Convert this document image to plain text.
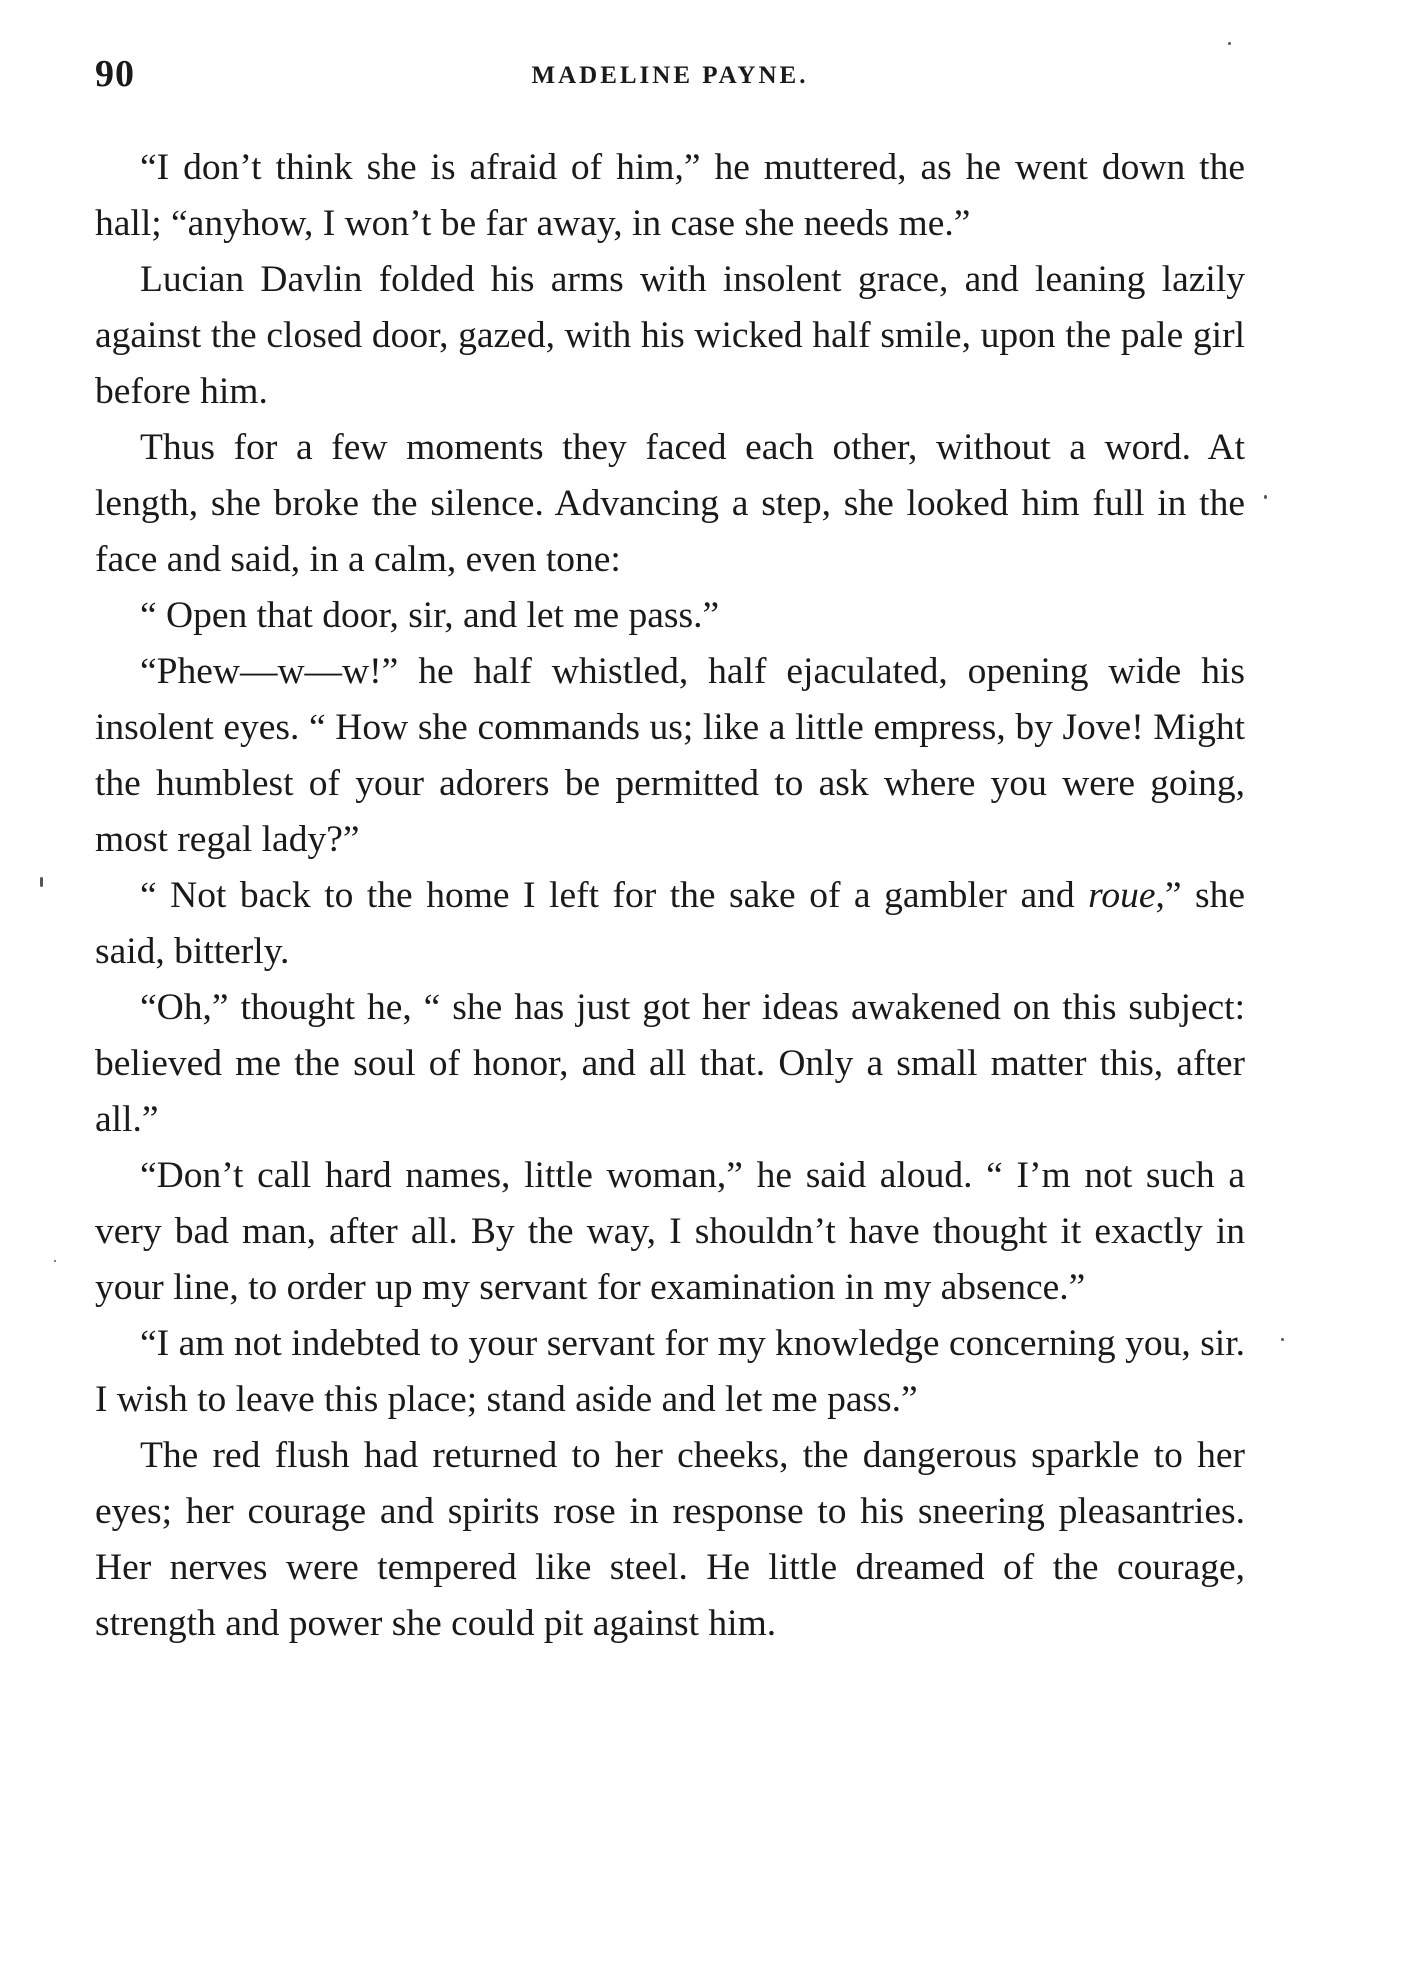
90	MADELINE PAYNE.

“I don’t think she is afraid of him,” he muttered, as he went down the hall; “anyhow, I won’t be far away, in case she needs me.”

Lucian Davlin folded his arms with insolent grace, and leaning lazily against the closed door, gazed, with his wicked half smile, upon the pale girl before him.

Thus for a few moments they faced each other, without a word. At length, she broke the silence. Advancing a step, she looked him full in the face and said, in a calm, even tone:

“ Open that door, sir, and let me pass.”

“Phew—w—w!” he half whistled, half ejaculated, opening wide his insolent eyes. “ How she commands us; like a little empress, by Jove! Might the humblest of your adorers be permitted to ask where you were going, most regal lady?”

“ Not back to the home I left for the sake of a gambler and roue,” she said, bitterly.

“Oh,” thought he, “ she has just got her ideas awakened on this subject: believed me the soul of honor, and all that. Only a small matter this, after all.”

“Don’t call hard names, little woman,” he said aloud. “ I’m not such a very bad man, after all. By the way, I shouldn’t have thought it exactly in your line, to order up my servant for examination in my absence.”

“I am not indebted to your servant for my knowledge concerning you, sir. I wish to leave this place; stand aside and let me pass.”

The red flush had returned to her cheeks, the dangerous sparkle to her eyes; her courage and spirits rose in response to his sneering pleasantries. Her nerves were tempered like steel. He little dreamed of the courage, strength and power she could pit against him.
